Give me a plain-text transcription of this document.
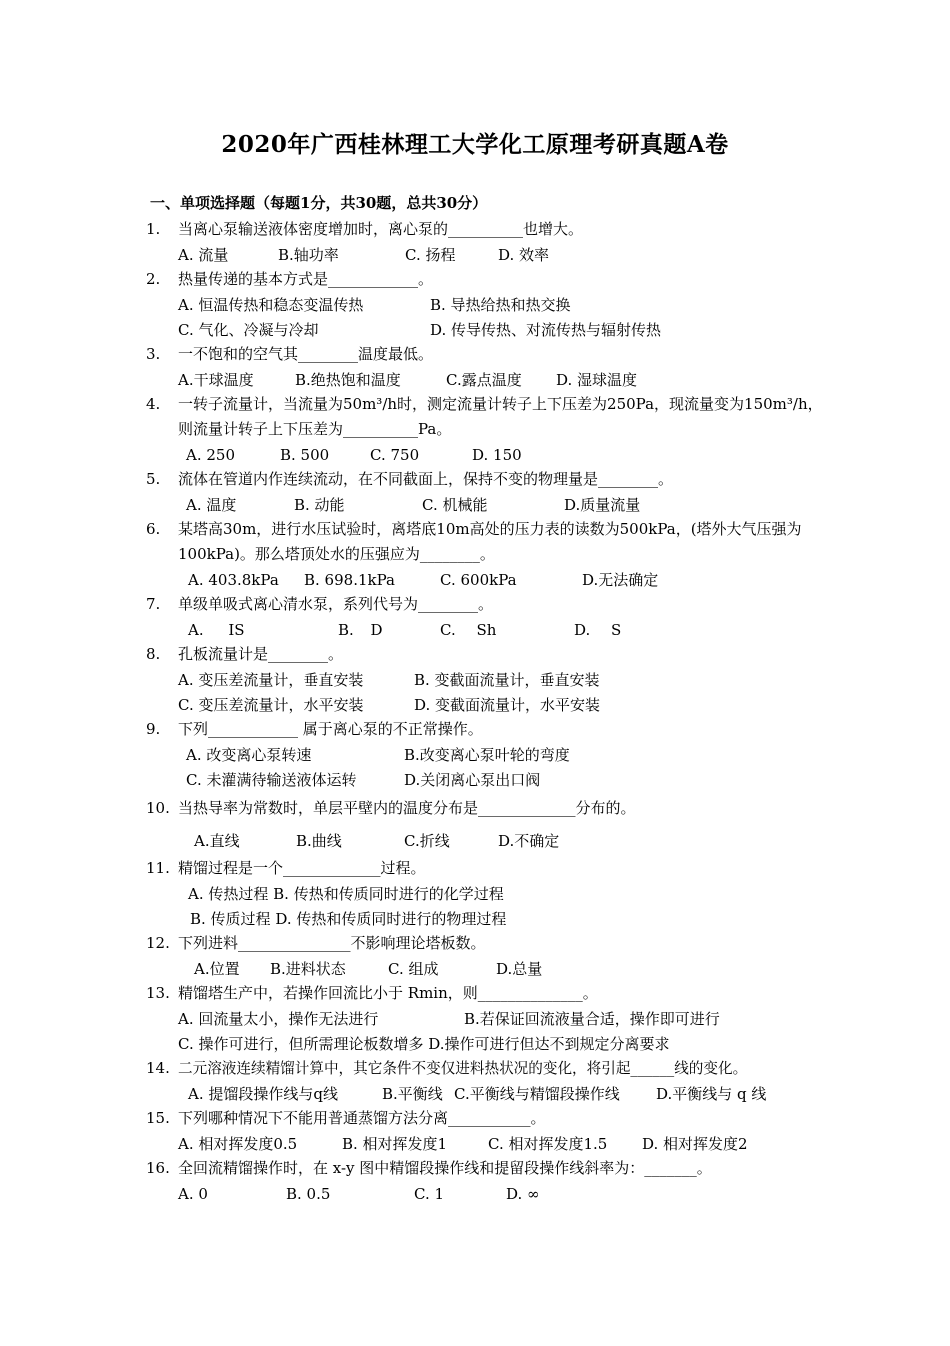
2020年广西桂林理工大学化工原理考研真题A卷
一、单项选择题（每题1分，共30题，总共30分）
1.	当离心泵输送液体密度增加时，离心泵的__________也增大。
A. 流量	B.轴功率	C. 扬程	D. 效率
2.	热量传递的基本方式是____________。
A. 恒温传热和稳态变温传热	B. 导热给热和热交换
C. 气化、冷凝与冷却	D. 传导传热、对流传热与辐射传热
3.	一不饱和的空气其________温度最低。
A.干球温度	B.绝热饱和温度	C.露点温度 D. 湿球温度
4.	一转子流量计，当流量为50m³/h时，测定流量计转子上下压差为250Pa，现流量变为150m³/h，则流量计转子上下压差为__________Pa。
A. 250	B. 500	C. 750	D. 150
5.	流体在管道内作连续流动，在不同截面上，保持不变的物理量是________。
A. 温度	B. 动能	C. 机械能	D.质量流量
6.	某塔高30m，进行水压试验时，离塔底10m高处的压力表的读数为500kPa，(塔外大气压强为100kPa)。那么塔顶处水的压强应为________。
A. 403.8kPa B. 698.1kPa	C. 600kPa	D.无法确定
7.	单级单吸式离心清水泵，系列代号为________。
A. IS	B. D	C. Sh	D. S
8.	孔板流量计是________。
A. 变压差流量计，垂直安装	B. 变截面流量计，垂直安装
C. 变压差流量计，水平安装	D. 变截面流量计，水平安装
9.	下列____________ 属于离心泵的不正常操作。
A. 改变离心泵转速	B.改变离心泵叶轮的弯度
C. 未灌满待输送液体运转	D.关闭离心泵出口阀
10. 当热导率为常数时，单层平壁内的温度分布是_____________分布的。
A.直线	B.曲线	C.折线	D.不确定
11. 精馏过程是一个_____________过程。
A. 传热过程 B. 传热和传质同时进行的化学过程
B. 传质过程 D. 传热和传质同时进行的物理过程
12. 下列进料_______________不影响理论塔板数。
A.位置 B.进料状态	C. 组成	D.总量
13. 精馏塔生产中，若操作回流比小于 Rmin，则______________。
A. 回流量太小，操作无法进行	B.若保证回流液量合适，操作即可进行
C. 操作可进行，但所需理论板数增多 D.操作可进行但达不到规定分离要求
14. 二元溶液连续精馏计算中，其它条件不变仅进料热状况的变化，将引起______线的变化。
A. 提馏段操作线与q线	B.平衡线 C.平衡线与精馏段操作线 D.平衡线与 q 线
15. 下列哪种情况下不能用普通蒸馏方法分离___________。
A. 相对挥发度0.5	B. 相对挥发度1	C. 相对挥发度1.5 D. 相对挥发度2
16. 全回流精馏操作时，在 x-y 图中精馏段操作线和提留段操作线斜率为：_______。
A. 0	B. 0.5	C. 1	D. ∞
